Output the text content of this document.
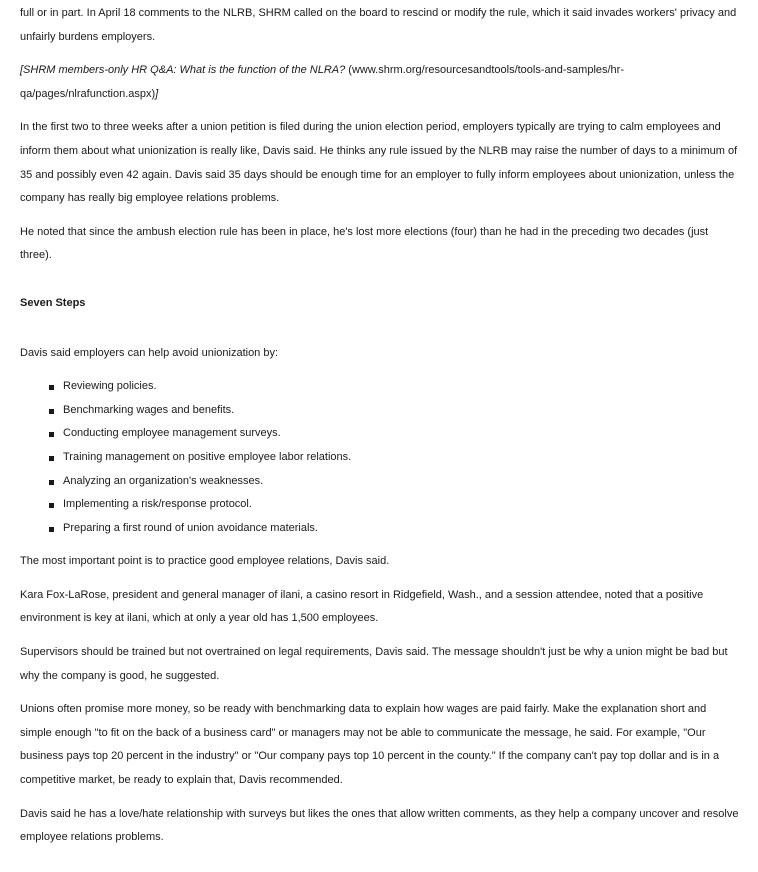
full or in part. In April 18 comments to the NLRB, SHRM called on the board to rescind or modify the rule, which it said invades workers' privacy and unfairly burdens employers.

[SHRM members-only HR Q&A: What is the function of the NLRA? (www.shrm.org/resourcesandtools/tools-and-samples/hr-qa/pages/nlrafunction.aspx)]

In the first two to three weeks after a union petition is filed during the union election period, employers typically are trying to calm employees and inform them about what unionization is really like, Davis said. He thinks any rule issued by the NLRB may raise the number of days to a minimum of 35 and possibly even 42 again. Davis said 35 days should be enough time for an employer to fully inform employees about unionization, unless the company has really big employee relations problems.

He noted that since the ambush election rule has been in place, he's lost more elections (four) than he had in the preceding two decades (just three).

Seven Steps

Davis said employers can help avoid unionization by:

Reviewing policies.
Benchmarking wages and benefits.
Conducting employee management surveys.
Training management on positive employee labor relations.
Analyzing an organization's weaknesses.
Implementing a risk/response protocol.
Preparing a first round of union avoidance materials.

The most important point is to practice good employee relations, Davis said.

Kara Fox-LaRose, president and general manager of ilani, a casino resort in Ridgefield, Wash., and a session attendee, noted that a positive environment is key at ilani, which at only a year old has 1,500 employees.

Supervisors should be trained but not overtrained on legal requirements, Davis said. The message shouldn't just be why a union might be bad but why the company is good, he suggested.

Unions often promise more money, so be ready with benchmarking data to explain how wages are paid fairly. Make the explanation short and simple enough "to fit on the back of a business card" or managers may not be able to communicate the message, he said. For example, "Our business pays top 20 percent in the industry" or "Our company pays top 10 percent in the county." If the company can't pay top dollar and is in a competitive market, be ready to explain that, Davis recommended.

Davis said he has a love/hate relationship with surveys but likes the ones that allow written comments, as they help a company uncover and resolve employee relations problems.
